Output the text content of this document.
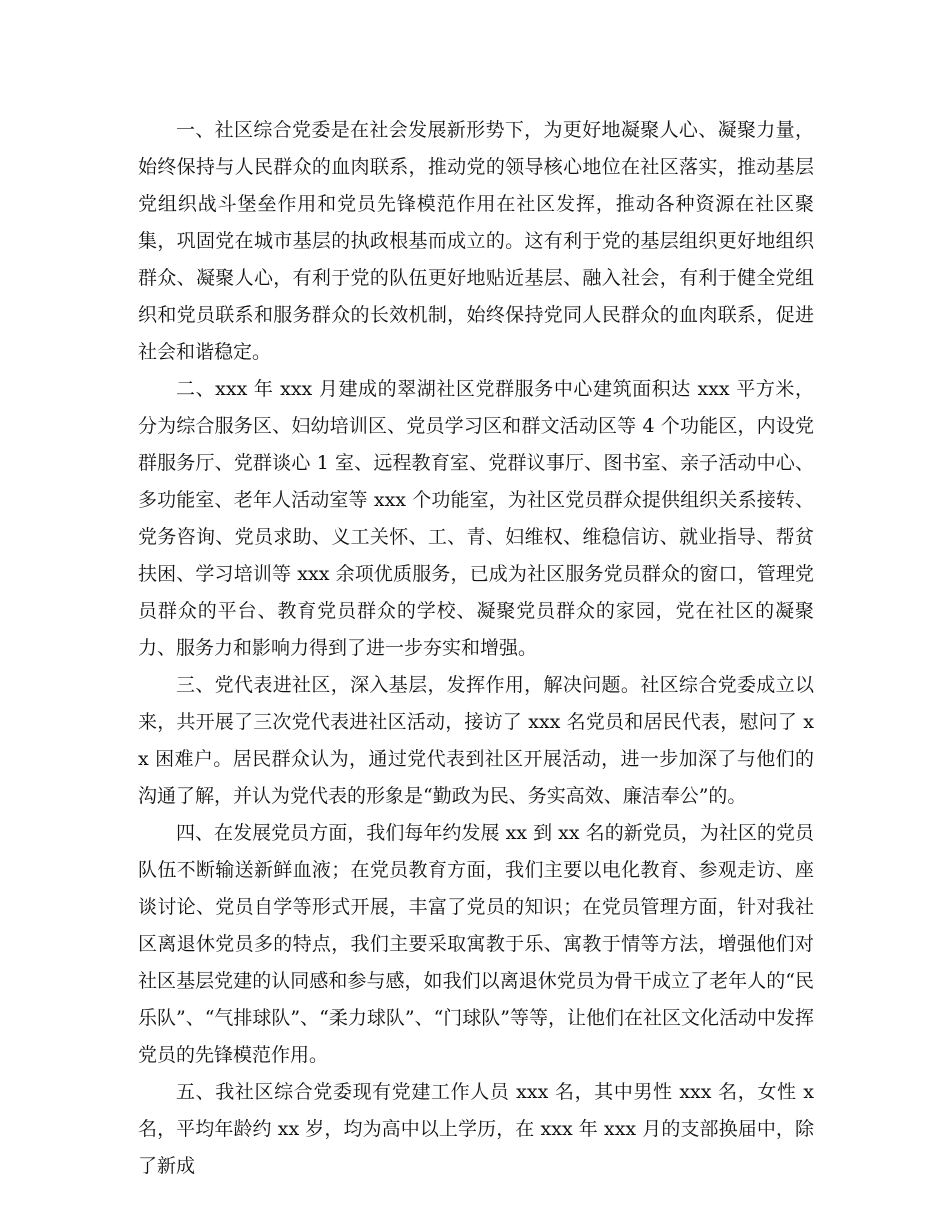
一、社区综合党委是在社会发展新形势下，为更好地凝聚人心、凝聚力量，始终保持与人民群众的血肉联系，推动党的领导核心地位在社区落实，推动基层党组织战斗堡垒作用和党员先锋模范作用在社区发挥，推动各种资源在社区聚集，巩固党在城市基层的执政根基而成立的。这有利于党的基层组织更好地组织群众、凝聚人心，有利于党的队伍更好地贴近基层、融入社会，有利于健全党组织和党员联系和服务群众的长效机制，始终保持党同人民群众的血肉联系，促进社会和谐稳定。

二、xxx 年 xxx 月建成的翠湖社区党群服务中心建筑面积达 xxx 平方米，分为综合服务区、妇幼培训区、党员学习区和群文活动区等 4 个功能区，内设党群服务厅、党群谈心 1 室、远程教育室、党群议事厅、图书室、亲子活动中心、多功能室、老年人活动室等 xxx 个功能室，为社区党员群众提供组织关系接转、党务咨询、党员求助、义工关怀、工、青、妇维权、维稳信访、就业指导、帮贫扶困、学习培训等 xxx 余项优质服务，已成为社区服务党员群众的窗口，管理党员群众的平台、教育党员群众的学校、凝聚党员群众的家园，党在社区的凝聚力、服务力和影响力得到了进一步夯实和增强。

三、党代表进社区，深入基层，发挥作用，解决问题。社区综合党委成立以来，共开展了三次党代表进社区活动，接访了 xxx 名党员和居民代表，慰问了 xx 困难户。居民群众认为，通过党代表到社区开展活动，进一步加深了与他们的沟通了解，并认为党代表的形象是“勤政为民、务实高效、廉洁奉公”的。

四、在发展党员方面，我们每年约发展 xx 到 xx 名的新党员，为社区的党员队伍不断输送新鲜血液；在党员教育方面，我们主要以电化教育、参观走访、座谈讨论、党员自学等形式开展，丰富了党员的知识；在党员管理方面，针对我社区离退休党员多的特点，我们主要采取寓教于乐、寓教于情等方法，增强他们对社区基层党建的认同感和参与感，如我们以离退休党员为骨干成立了老年人的“民乐队”、“气排球队”、“柔力球队”、“门球队”等等，让他们在社区文化活动中发挥党员的先锋模范作用。

五、我社区综合党委现有党建工作人员 xxx 名，其中男性 xxx 名，女性 x 名，平均年龄约 xx 岁，均为高中以上学历，在 xxx 年 xxx 月的支部换届中，除了新成
